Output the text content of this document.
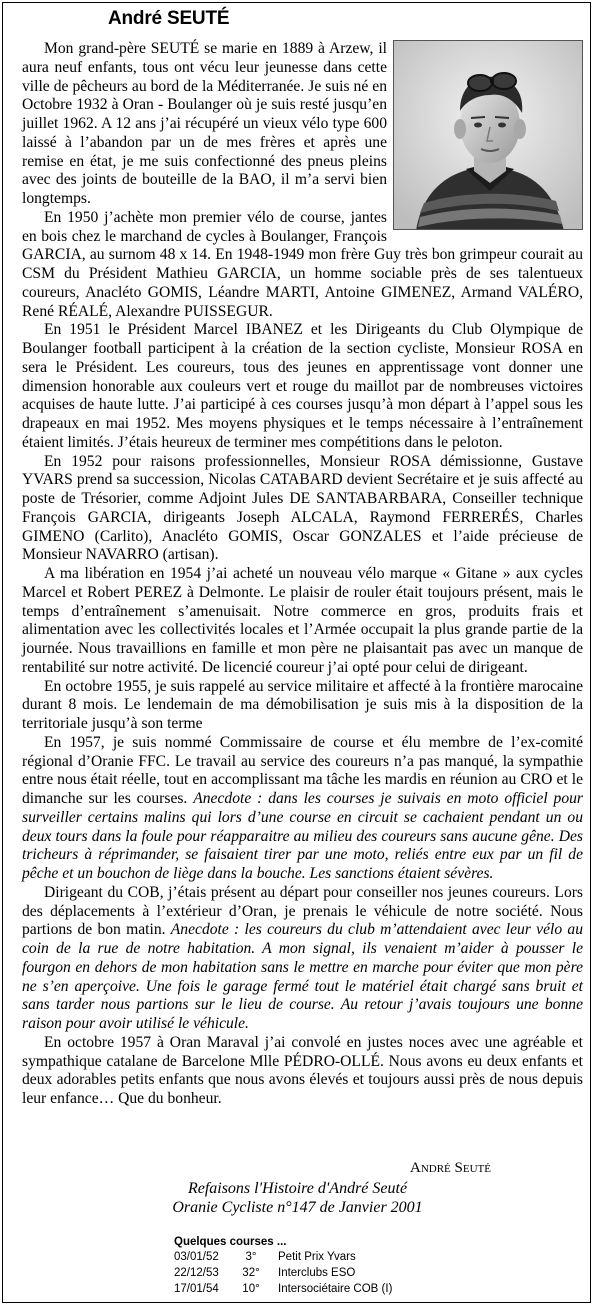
André SEUTÉ

Mon grand-père SEUTÉ se marie en 1889 à Arzew, il aura neuf enfants, tous ont vécu leur jeunesse dans cette ville de pêcheurs au bord de la Méditerranée. Je suis né en Octobre 1932 à Oran - Boulanger où je suis resté jusqu’en juillet 1962. A 12 ans j’ai récupéré un vieux vélo type 600 laissé à l’abandon par un de mes frères et après une remise en état, je me suis confectionné des pneus pleins avec des joints de bouteille de la BAO, il m’a servi bien longtemps.

En 1950 j’achète mon premier vélo de course, jantes en bois chez le marchand de cycles à Boulanger, François GARCIA, au surnom 48 x 14. En 1948-1949 mon frère Guy très bon grimpeur courait au CSM du Président Mathieu GARCIA, un homme sociable près de ses talentueux coureurs, Anacléto GOMIS, Léandre MARTI, Antoine GIMENEZ, Armand VALÉRO, René RÉALÉ, Alexandre PUISSEGUR.

En 1951 le Président Marcel IBANEZ et les Dirigeants du Club Olympique de Boulanger football participent à la création de la section cycliste, Monsieur ROSA en sera le Président. Les coureurs, tous des jeunes en apprentissage vont donner une dimension honorable aux couleurs vert et rouge du maillot par de nombreuses victoires acquises de haute lutte. J’ai participé à ces courses jusqu’à mon départ à l’appel sous les drapeaux en mai 1952. Mes moyens physiques et le temps nécessaire à l’entraînement étaient limités. J’étais heureux de terminer mes compétitions dans le peloton.

En 1952 pour raisons professionnelles, Monsieur ROSA démissionne, Gustave YVARS prend sa succession, Nicolas CATABARD devient Secrétaire et je suis affecté au poste de Trésorier, comme Adjoint Jules DE SANTABARBARA, Conseiller technique François GARCIA, dirigeants Joseph ALCALA, Raymond FERRERÉS, Charles GIMENO (Carlito), Anacléto GOMIS, Oscar GONZALES et l’aide précieuse de Monsieur NAVARRO (artisan).

A ma libération en 1954 j’ai acheté un nouveau vélo marque « Gitane » aux cycles Marcel et Robert PEREZ à Delmonte. Le plaisir de rouler était toujours présent, mais le temps d’entraînement s’amenuisait. Notre commerce en gros, produits frais et alimentation avec les collectivités locales et l’Armée occupait la plus grande partie de la journée. Nous travaillions en famille et mon père ne plaisantait pas avec un manque de rentabilité sur notre activité. De licencié coureur j’ai opté pour celui de dirigeant.

En octobre 1955, je suis rappelé au service militaire et affecté à la frontière marocaine durant 8 mois. Le lendemain de ma démobilisation je suis mis à la disposition de la territoriale jusqu’à son terme

En 1957, je suis nommé Commissaire de course et élu membre de l’ex-comité régional d’Oranie FFC. Le travail au service des coureurs n’a pas manqué, la sympathie entre nous était réelle, tout en accomplissant ma tâche les mardis en réunion au CRO et le dimanche sur les courses. Anecdote : dans les courses je suivais en moto officiel pour surveiller certains malins qui lors d’une course en circuit se cachaient pendant un ou deux tours dans la foule pour réapparaitre au milieu des coureurs sans aucune gêne. Des tricheurs à réprimander, se faisaient tirer par une moto, reliés entre eux par un fil de pêche et un bouchon de liège dans la bouche. Les sanctions étaient sévères.

Dirigeant du COB, j’étais présent au départ pour conseiller nos jeunes coureurs. Lors des déplacements à l’extérieur d’Oran, je prenais le véhicule de notre société. Nous partions de bon matin. Anecdote : les coureurs du club m’attendaient avec leur vélo au coin de la rue de notre habitation. A mon signal, ils venaient m’aider à pousser le fourgon en dehors de mon habitation sans le mettre en marche pour éviter que mon père ne s’en aperçoive. Une fois le garage fermé tout le matériel était chargé sans bruit et sans tarder nous partions sur le lieu de course. Au retour j’avais toujours une bonne raison pour avoir utilisé le véhicule.

En octobre 1957 à Oran Maraval j’ai convolé en justes noces avec une agréable et sympathique catalane de Barcelone Mlle PÉDRO-OLLÉ. Nous avons eu deux enfants et deux adorables petits enfants que nous avons élevés et toujours aussi près de nous depuis leur enfance… Que du bonheur.

André Seuté
Refaisons l'Histoire d'André Seuté
Oranie Cycliste n°147 de Janvier 2001
Quelques courses ...
03/01/52	3°	Petit Prix Yvars
22/12/53	32°	Interclubs ESO
17/01/54	10°	Intersociétaire COB (I)
